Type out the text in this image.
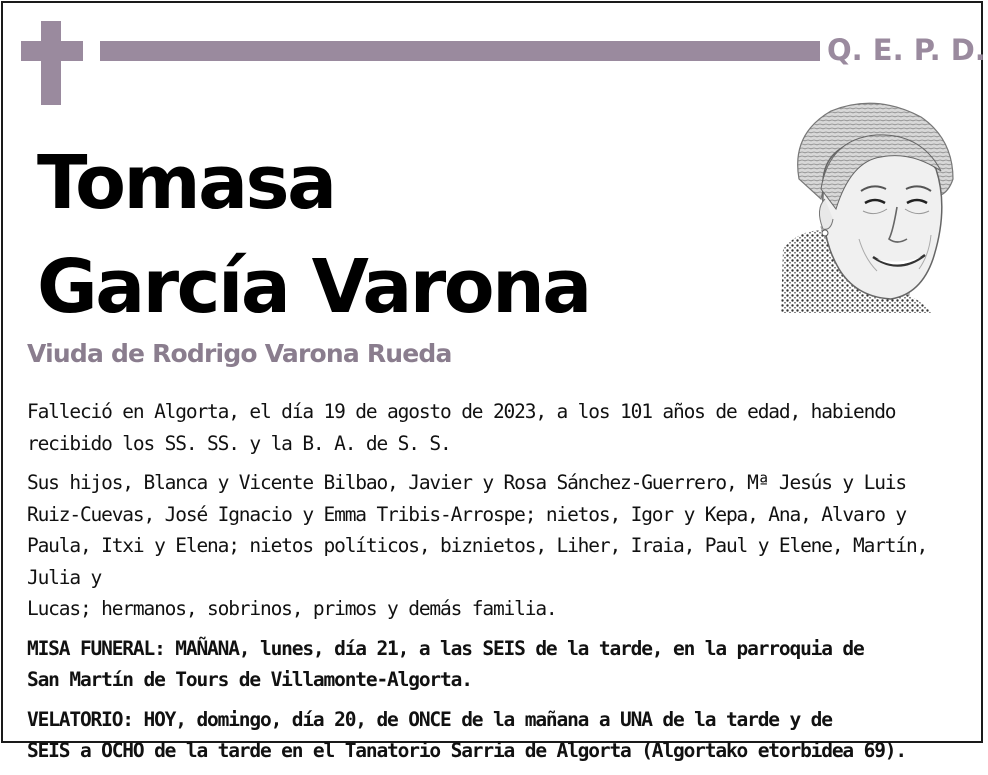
Q. E. P. D.
Tomasa
García Varona
Viuda de Rodrigo Varona Rueda

Falleció en Algorta, el día 19 de agosto de 2023, a los 101 años de edad, habiendo
recibido los SS. SS. y la B. A. de S. S.

Sus hijos, Blanca y Vicente Bilbao, Javier y Rosa Sánchez-Guerrero, Mª Jesús y Luis
Ruiz-Cuevas, José Ignacio y Emma Tribis-Arrospe; nietos, Igor y Kepa, Ana, Alvaro y
Paula, Itxi y Elena; nietos políticos, biznietos, Liher, Iraia, Paul y Elene, Martín, Julia y
Lucas; hermanos, sobrinos, primos y demás familia.

MISA FUNERAL: MAÑANA, lunes, día 21, a las SEIS de la tarde, en la parroquia de
San Martín de Tours de Villamonte-Algorta.

VELATORIO: HOY, domingo, día 20, de ONCE de la mañana a UNA de la tarde y de
SEIS a OCHO de la tarde en el Tanatorio Sarria de Algorta (Algortako etorbidea 69).
